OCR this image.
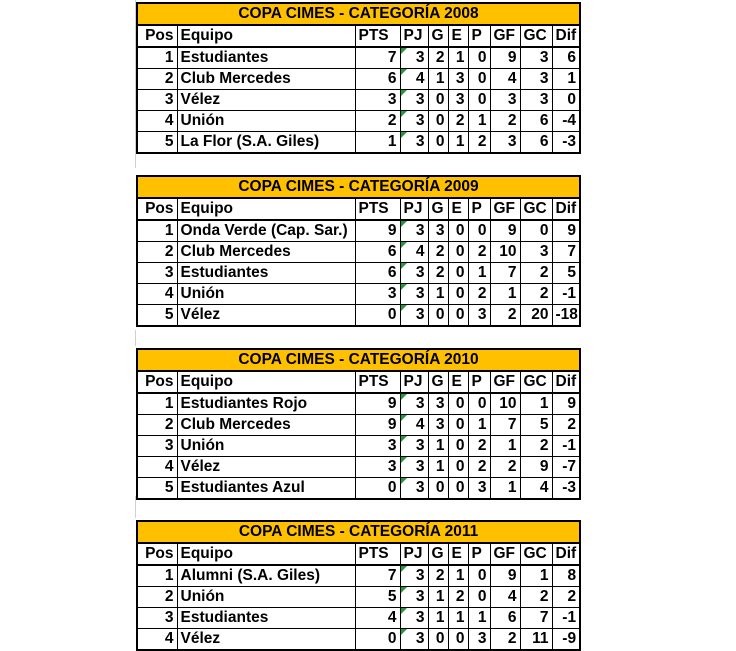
COPA CIMES - CATEGORÍA 2008									
Pos	Equipo	PTS	PJ	G	E	P	GF	GC	Dif
1	Estudiantes	7	3	2	1	0	9	3	6
2	Club Mercedes	6	4	1	3	0	4	3	1
3	Vélez	3	3	0	3	0	3	3	0
4	Unión	2	3	0	2	1	2	6	-4
5	La Flor (S.A. Giles)	1	3	0	1	2	3	6	-3
COPA CIMES - CATEGORÍA 2009									
Pos	Equipo	PTS	PJ	G	E	P	GF	GC	Dif
1	Onda Verde (Cap. Sar.)	9	3	3	0	0	9	0	9
2	Club Mercedes	6	4	2	0	2	10	3	7
3	Estudiantes	6	3	2	0	1	7	2	5
4	Unión	3	3	1	0	2	1	2	-1
5	Vélez	0	3	0	0	3	2	20	-18
COPA CIMES - CATEGORÍA 2010									
Pos	Equipo	PTS	PJ	G	E	P	GF	GC	Dif
1	Estudiantes Rojo	9	3	3	0	0	10	1	9
2	Club Mercedes	9	4	3	0	1	7	5	2
3	Unión	3	3	1	0	2	1	2	-1
4	Vélez	3	3	1	0	2	2	9	-7
5	Estudiantes Azul	0	3	0	0	3	1	4	-3
COPA CIMES - CATEGORÍA 2011									
Pos	Equipo	PTS	PJ	G	E	P	GF	GC	Dif
1	Alumni (S.A. Giles)	7	3	2	1	0	9	1	8
2	Unión	5	3	1	2	0	4	2	2
3	Estudiantes	4	3	1	1	1	6	7	-1
4	Vélez	0	3	0	0	3	2	11	-9
